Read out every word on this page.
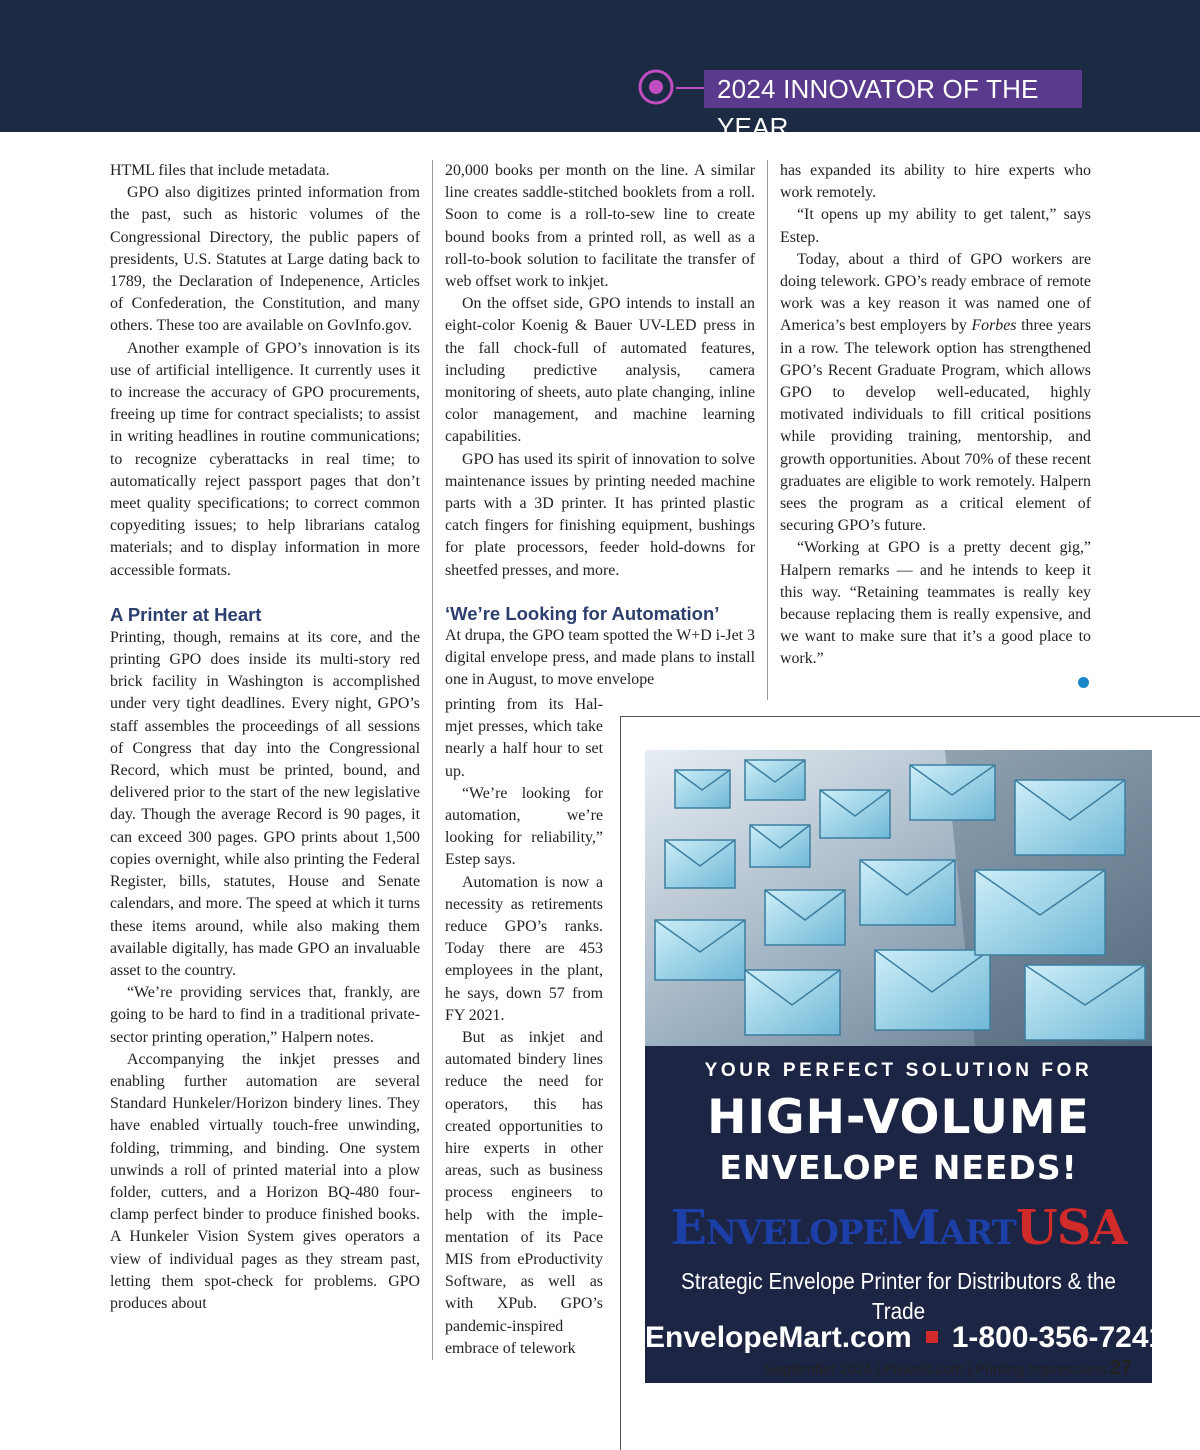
2024 INNOVATOR OF THE YEAR

HTML files that include metadata.

GPO also digitizes printed information from the past, such as historic volumes of the Congressional Directory, the public papers of presidents, U.S. Statutes at Large dating back to 1789, the Declaration of Indepenence, Articles of Confederation, the Constitution, and many others. These too are available on GovInfo.gov.

Another example of GPO’s innovation is its use of artificial intelligence. It currently uses it to increase the accuracy of GPO procurements, freeing up time for contract specialists; to assist in writing headlines in routine communications; to recognize cyberattacks in real time; to automatically reject passport pages that don’t meet quality specifications; to correct common copyediting issues; to help librarians catalog materials; and to display information in more accessible formats.

A Printer at Heart

Printing, though, remains at its core, and the printing GPO does inside its multi-story red brick facility in Washington is accomplished under very tight deadlines. Every night, GPO’s staff assembles the proceedings of all sessions of Congress that day into the Congressional Record, which must be printed, bound, and delivered prior to the start of the new legislative day. Though the average Record is 90 pages, it can exceed 300 pages. GPO prints about 1,500 copies overnight, while also printing the Federal Register, bills, statutes, House and Senate calendars, and more. The speed at which it turns these items around, while also making them available digitally, has made GPO an invaluable asset to the country.

“We’re providing services that, frankly, are going to be hard to find in a traditional private-sector printing operation,” Halpern notes.

Accompanying the inkjet presses and enabling further automation are several Standard Hunkeler/Horizon bindery lines. They have enabled virtually touch-free unwinding, folding, trimming, and binding. One system unwinds a roll of printed material into a plow folder, cutters, and a Horizon BQ-480 four-clamp perfect binder to produce finished books. A Hunkeler Vision System gives operators a view of individual pages as they stream past, letting them spot-check for problems. GPO produces about

20,000 books per month on the line. A similar line creates saddle-stitched booklets from a roll. Soon to come is a roll-to-sew line to create bound books from a printed roll, as well as a roll-to-book solution to facilitate the transfer of web offset work to inkjet.

On the offset side, GPO intends to install an eight-color Koenig & Bauer UV-LED press in the fall chock-full of automated features, including predictive analysis, camera monitoring of sheets, auto plate changing, inline color management, and machine learning capabilities.

GPO has used its spirit of innovation to solve maintenance issues by printing needed machine parts with a 3D printer. It has printed plastic catch fingers for finishing equipment, bushings for plate processors, feeder hold-downs for sheetfed presses, and more.

‘We’re Looking for Automation’

At drupa, the GPO team spotted the W+D i-Jet 3 digital envelope press, and made plans to install one in August, to move envelope

printing from its Halmjet presses, which take nearly a half hour to set up.

“We’re looking for automation, we’re looking for reliability,” Estep says.

Automation is now a necessity as retirements reduce GPO’s ranks. Today there are 453 employees in the plant, he says, down 57 from FY 2021.

But as inkjet and automated bindery lines reduce the need for operators, this has created opportunities to hire experts in other areas, such as business process engineers to help with the implementation of its Pace MIS from eProductivity Software, as well as with XPub. GPO’s pandemic-inspired embrace of telework

has expanded its ability to hire experts who work remotely.

“It opens up my ability to get talent,” says Estep.

Today, about a third of GPO workers are doing telework. GPO’s ready embrace of remote work was a key reason it was named one of America’s best employers by Forbes three years in a row. The telework option has strengthened GPO’s Recent Graduate Program, which allows GPO to develop well-educated, highly motivated individuals to fill critical positions while providing training, mentorship, and growth opportunities. About 70% of these recent graduates are eligible to work remotely. Halpern sees the program as a critical element of securing GPO’s future.

“Working at GPO is a pretty decent gig,” Halpern remarks — and he intends to keep it this way. “Retaining teammates is really key because replacing them is really expensive, and we want to make sure that it’s a good place to work.”

YOUR PERFECT SOLUTION FOR
HIGH-VOLUME
ENVELOPE NEEDS!
EnvelopeMartUSA
Strategic Envelope Printer for Distributors & the Trade
EnvelopeMart.com 1-800-356-7241
September 2024 | PIworld.com | Printing Impressions 27
